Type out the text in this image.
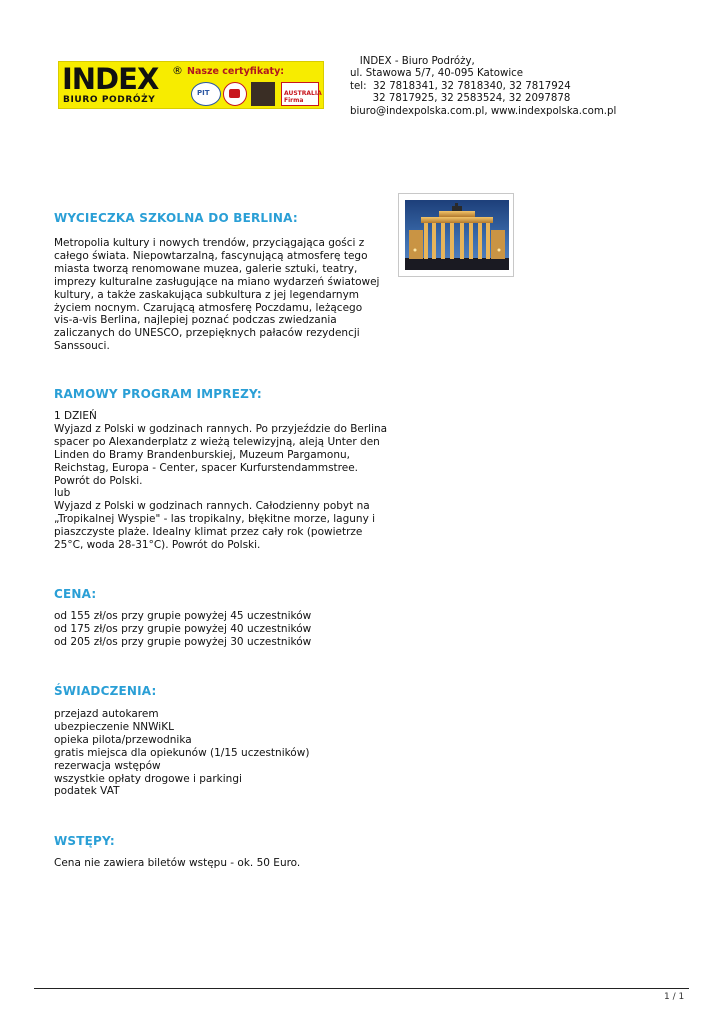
INDEX ®
BIURO PODRÓŻY
Nasze certyfikaty:
PIT	AUSTRALIA Firma
INDEX - Biuro Podróży,
ul. Stawowa 5/7, 40-095 Katowice
tel:  32 7818341, 32 7818340, 32 7817924
32 7817925, 32 2583524, 32 2097878
biuro@indexpolska.com.pl, www.indexpolska.com.pl
WYCIECZKA SZKOLNA DO BERLINA:
Metropolia kultury i nowych trendów, przyciągająca gości z
całego świata. Niepowtarzalną, fascynującą atmosferę tego
miasta tworzą renomowane muzea, galerie sztuki, teatry,
imprezy kulturalne zasługujące na miano wydarzeń światowej
kultury, a także zaskakująca subkultura z jej legendarnym
życiem nocnym. Czarującą atmosferę Poczdamu, leżącego
vis-a-vis Berlina, najlepiej poznać podczas zwiedzania
zaliczanych do UNESCO, przepięknych pałaców rezydencji
Sanssouci.
RAMOWY PROGRAM IMPREZY:
1 DZIEŃ
Wyjazd z Polski w godzinach rannych. Po przyjeździe do Berlina
spacer po Alexanderplatz z wieżą telewizyjną, aleją Unter den
Linden do Bramy Brandenburskiej, Muzeum Pargamonu,
Reichstag, Europa - Center, spacer Kurfurstendammstree.
Powrót do Polski.
lub
Wyjazd z Polski w godzinach rannych. Całodzienny pobyt na
„Tropikalnej Wyspie" - las tropikalny, błękitne morze, laguny i
piaszczyste plaże. Idealny klimat przez cały rok (powietrze
25°C, woda 28-31°C). Powrót do Polski.
CENA:
od 155 zł/os przy grupie powyżej 45 uczestników
od 175 zł/os przy grupie powyżej 40 uczestników
od 205 zł/os przy grupie powyżej 30 uczestników
ŚWIADCZENIA:
przejazd autokarem
ubezpieczenie NNWiKL
opieka pilota/przewodnika
gratis miejsca dla opiekunów (1/15 uczestników)
rezerwacja wstępów
wszystkie opłaty drogowe i parkingi
podatek VAT
WSTĘPY:
Cena nie zawiera biletów wstępu - ok. 50 Euro.
1 / 1
